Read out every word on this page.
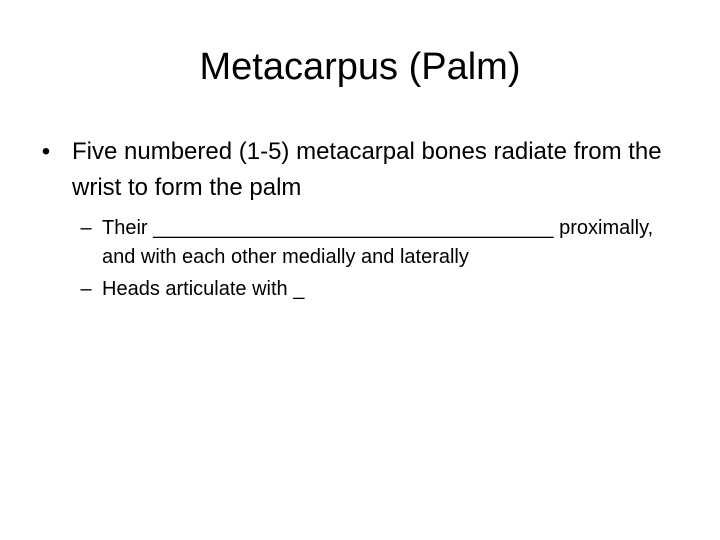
Metacarpus (Palm)
• Five numbered (1-5) metacarpal bones radiate from the wrist to form the palm
– Their ____________________________________ proximally, and with each other medially and laterally
– Heads articulate with _
